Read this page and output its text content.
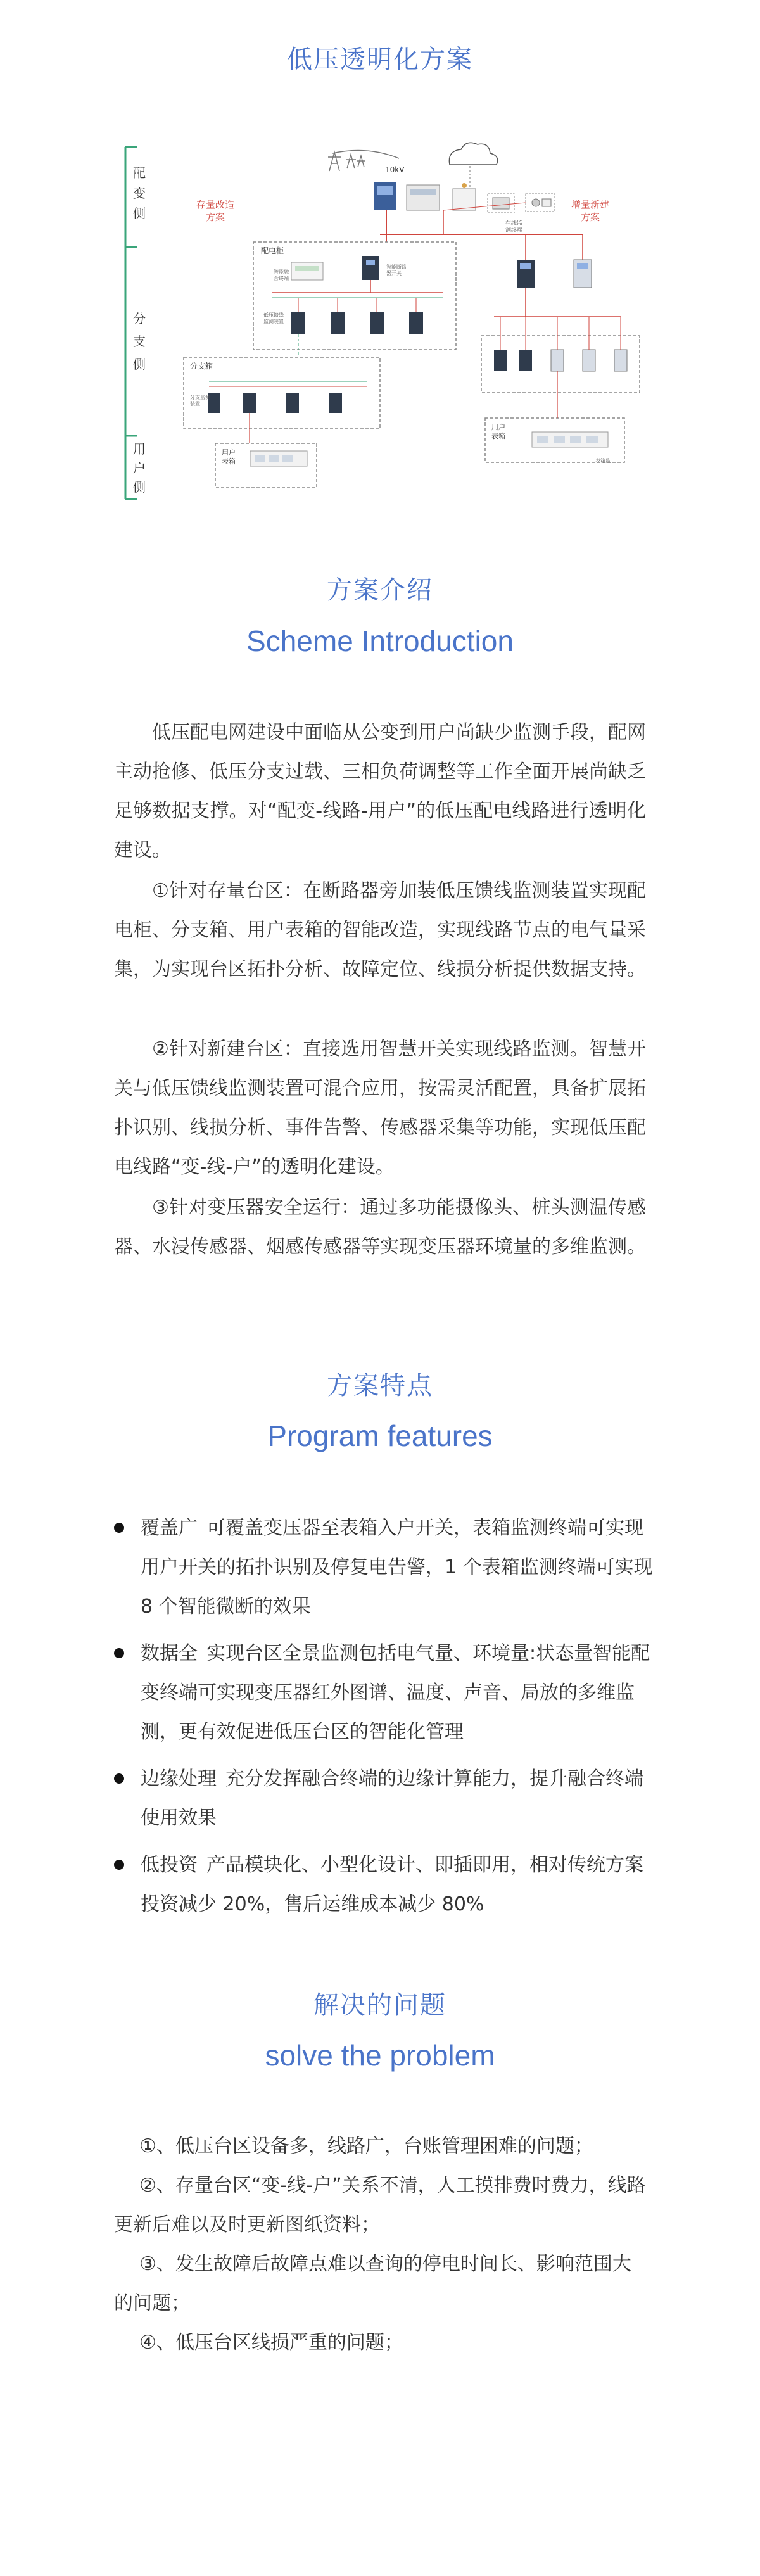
低压透明化方案
配
变
侧
分
支
侧
用
户
侧
存量改造
方案
增量新建
方案
10kV
在线监
测终端
配电柜
智能融
合终端
智能断路
器开关
低压馈线
监测装置
分支箱
分支监测
装置
用户
表箱
用户
表箱
表箱监
方案介绍
Scheme Introduction
低压配电网建设中面临从公变到用户尚缺少监测手段，配网主动抢修、低压分支过载、三相负荷调整等工作全面开展尚缺乏足够数据支撑。对“配变-线路-用户”的低压配电线路进行透明化建设。
①针对存量台区：在断路器旁加装低压馈线监测装置实现配电柜、分支箱、用户表箱的智能改造，实现线路节点的电气量采集，为实现台区拓扑分析、故障定位、线损分析提供数据支持。
②针对新建台区：直接选用智慧开关实现线路监测。智慧开关与低压馈线监测装置可混合应用，按需灵活配置，具备扩展拓扑识别、线损分析、事件告警、传感器采集等功能，实现低压配电线路“变-线-户”的透明化建设。
③针对变压器安全运行：通过多功能摄像头、桩头测温传感器、水浸传感器、烟感传感器等实现变压器环境量的多维监测。
方案特点
Program features
覆盖广 可覆盖变压器至表箱入户开关，表箱监测终端可实现用户开关的拓扑识别及停复电告警，1 个表箱监测终端可实现 8 个智能微断的效果
数据全 实现台区全景监测包括电气量、环境量:状态量智能配变终端可实现变压器红外图谱、温度、声音、局放的多维监测，更有效促进低压台区的智能化管理
边缘处理 充分发挥融合终端的边缘计算能力，提升融合终端使用效果
低投资 产品模块化、小型化设计、即插即用，相对传统方案投资减少 20%，售后运维成本减少 80%
解决的问题
solve the problem

①、低压台区设备多，线路广，台账管理困难的问题；

②、存量台区“变-线-户”关系不清，人工摸排费时费力，线路更新后难以及时更新图纸资料；

③、发生故障后故障点难以查询的停电时间长、影响范围大的问题；

④、低压台区线损严重的问题；
